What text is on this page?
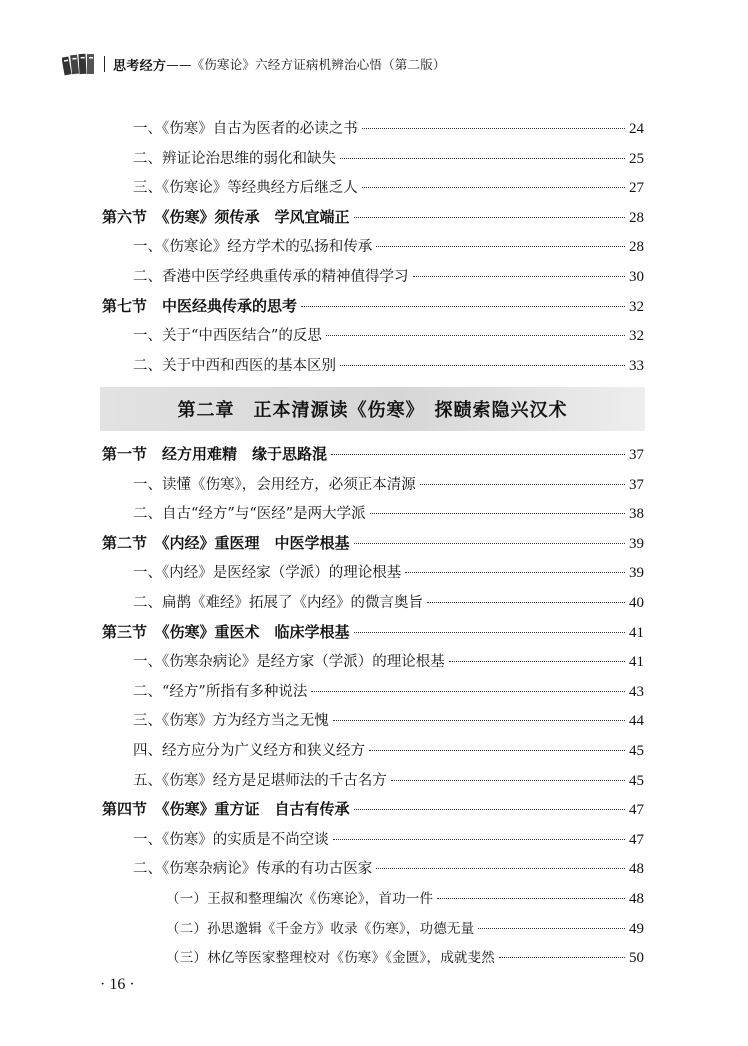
思考经方 ——《伤寒论》六经方证病机辨治心悟（第二版）
一、《伤寒》自古为医者的必读之书	24
二、辨证论治思维的弱化和缺失	25
三、《伤寒论》等经典经方后继乏人	27
第六节　《伤寒》须传承　学风宜端正	28
一、《伤寒论》经方学术的弘扬和传承	28
二、香港中医学经典重传承的精神值得学习	30
第七节　中医经典传承的思考	32
一、关于“中西医结合”的反思	32
二、关于中西和西医的基本区别	33
第一节　经方用难精　缘于思路混	37
一、读懂《伤寒》，会用经方，必须正本清源	37
二、自古“经方”与“医经”是两大学派	38
第二节　《内经》重医理　中医学根基	39
一、《内经》是医经家（学派）的理论根基	39
二、扁鹊《难经》拓展了《内经》的微言奥旨	40
第三节　《伤寒》重医术　临床学根基	41
一、《伤寒杂病论》是经方家（学派）的理论根基	41
二、“经方”所指有多种说法	43
三、《伤寒》方为经方当之无愧	44
四、经方应分为广义经方和狭义经方	45
五、《伤寒》经方是足堪师法的千古名方	45
第四节　《伤寒》重方证　自古有传承	47
一、《伤寒》的实质是不尚空谈	47
二、《伤寒杂病论》传承的有功古医家	48
（一）王叔和整理编次《伤寒论》，首功一件	48
（二）孙思邈辑《千金方》收录《伤寒》，功德无量	49
（三）林亿等医家整理校对《伤寒》《金匮》，成就斐然	50
第二章　正本清源读《伤寒》　探赜索隐兴汉术
· 16 ·
